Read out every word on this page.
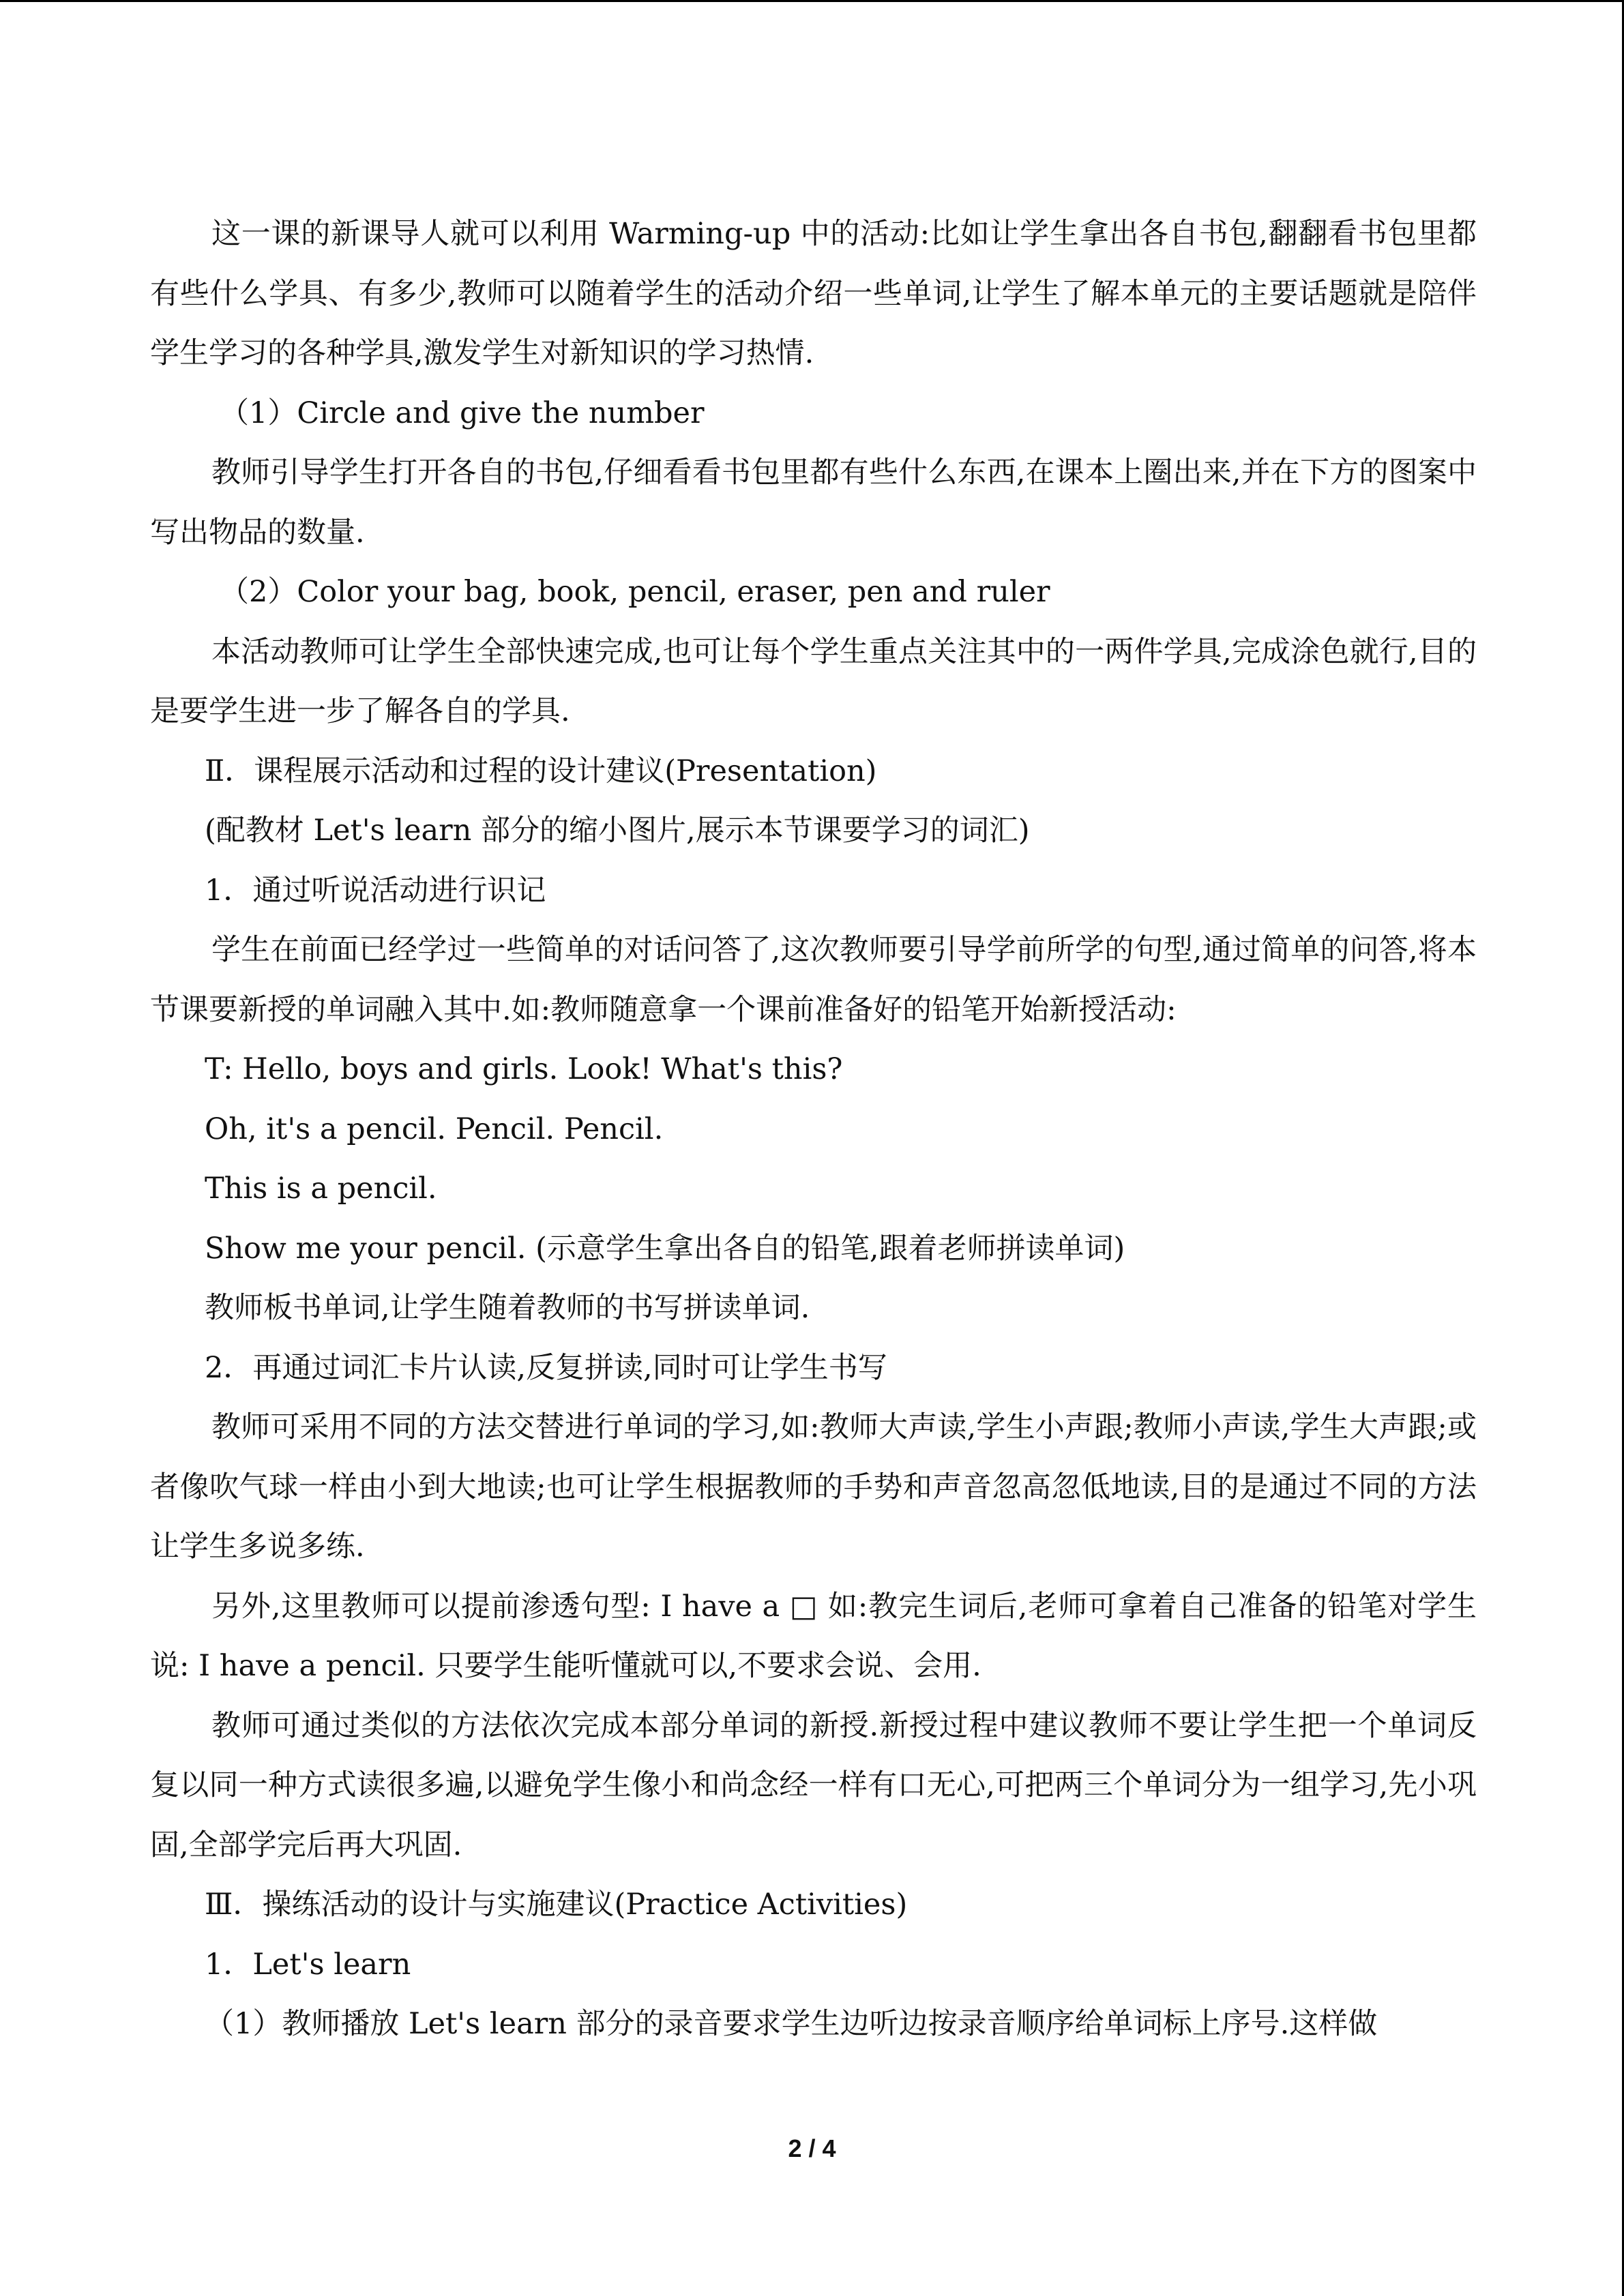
这一课的新课导人就可以利用 Warming-up 中的活动:比如让学生拿出各自书包,翻翻看书包里都有些什么学具、有多少,教师可以随着学生的活动介绍一些单词,让学生了解本单元的主要话题就是陪伴学生学习的各种学具,激发学生对新知识的学习热情.

（1）Circle and give the number

教师引导学生打开各自的书包,仔细看看书包里都有些什么东西,在课本上圈出来,并在下方的图案中写出物品的数量.

（2）Color your bag, book, pencil, eraser, pen and ruler

本活动教师可让学生全部快速完成,也可让每个学生重点关注其中的一两件学具,完成涂色就行,目的是要学生进一步了解各自的学具.

Ⅱ．课程展示活动和过程的设计建议(Presentation)

(配教材 Let's learn 部分的缩小图片,展示本节课要学习的词汇)

1．通过听说活动进行识记

学生在前面已经学过一些简单的对话问答了,这次教师要引导学前所学的句型,通过简单的问答,将本节课要新授的单词融入其中.如:教师随意拿一个课前准备好的铅笔开始新授活动:

T: Hello, boys and girls. Look! What's this?

Oh, it's a pencil. Pencil. Pencil.

This is a pencil.

Show me your pencil. (示意学生拿出各自的铅笔,跟着老师拼读单词)

教师板书单词,让学生随着教师的书写拼读单词.

2．再通过词汇卡片认读,反复拼读,同时可让学生书写

教师可采用不同的方法交替进行单词的学习,如:教师大声读,学生小声跟;教师小声读,学生大声跟;或者像吹气球一样由小到大地读;也可让学生根据教师的手势和声音忽高忽低地读,目的是通过不同的方法让学生多说多练.

另外,这里教师可以提前渗透句型: I have a □ 如:教完生词后,老师可拿着自己准备的铅笔对学生说: I have a pencil. 只要学生能听懂就可以,不要求会说、会用.

教师可通过类似的方法依次完成本部分单词的新授.新授过程中建议教师不要让学生把一个单词反复以同一种方式读很多遍,以避免学生像小和尚念经一样有口无心,可把两三个单词分为一组学习,先小巩固,全部学完后再大巩固.

Ⅲ．操练活动的设计与实施建议(Practice Activities)

1．Let's learn

（1）教师播放 Let's learn 部分的录音要求学生边听边按录音顺序给单词标上序号.这样做

2 / 4
